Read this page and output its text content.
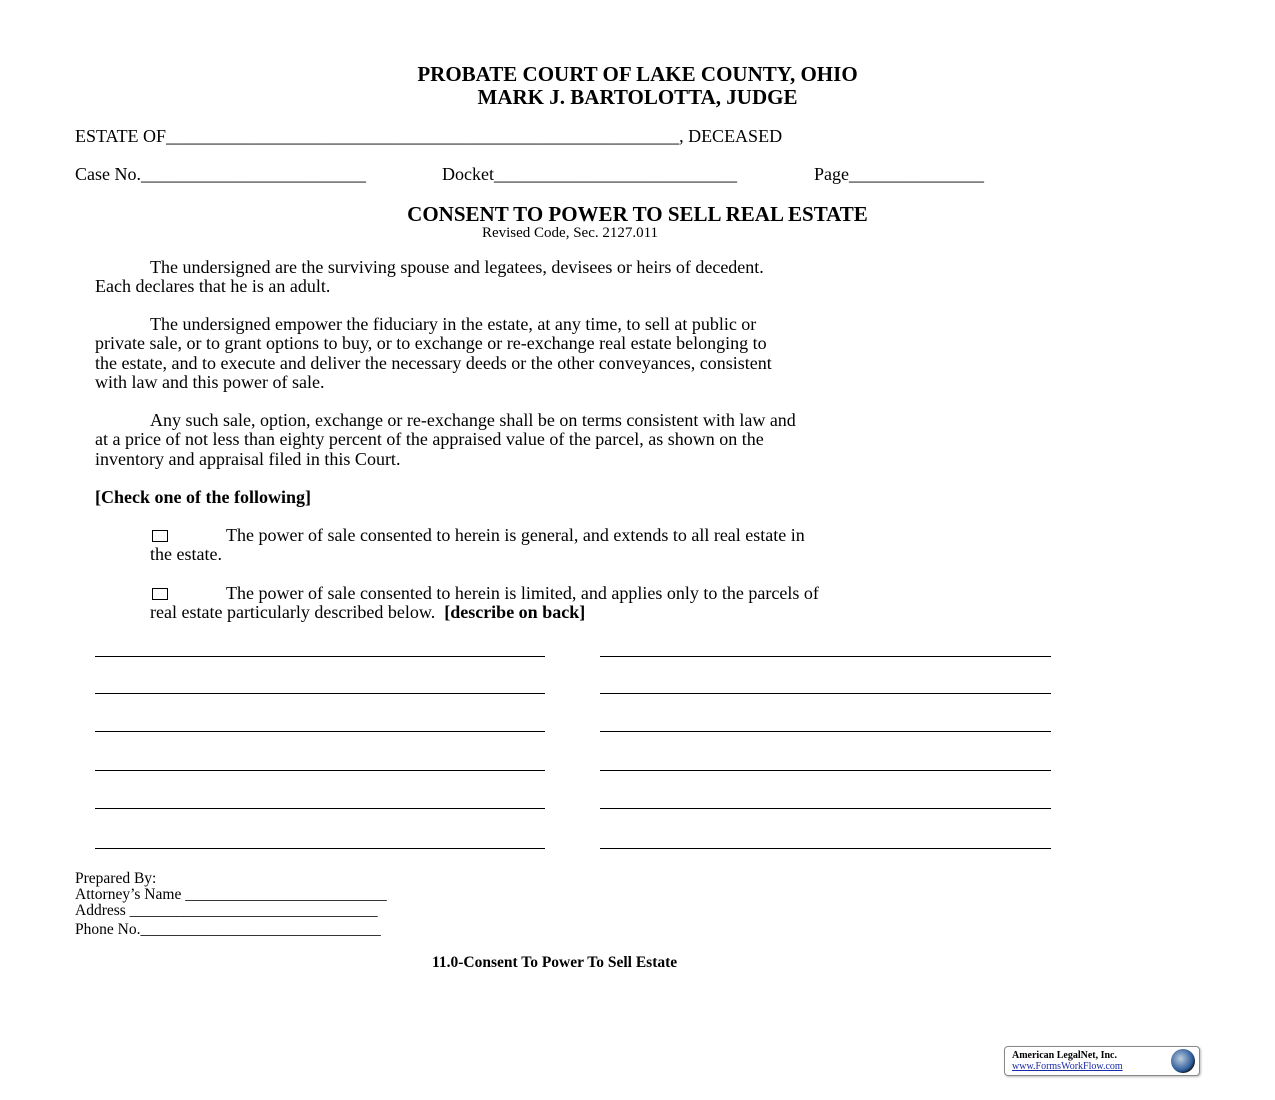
PROBATE COURT OF LAKE COUNTY, OHIO
MARK J. BARTOLOTTA, JUDGE
ESTATE OF_________________________________________________________, DECEASED
Case No._________________________	Docket___________________________	Page_______________
CONSENT TO POWER TO SELL REAL ESTATE
Revised Code, Sec. 2127.011
The undersigned are the surviving spouse and legatees, devisees or heirs of decedent.
Each declares that he is an adult.
The undersigned empower the fiduciary in the estate, at any time, to sell at public or
private sale, or to grant options to buy, or to exchange or re-exchange real estate belonging to
the estate, and to execute and deliver the necessary deeds or the other conveyances, consistent
with law and this power of sale.
Any such sale, option, exchange or re-exchange shall be on terms consistent with law and
at a price of not less than eighty percent of the appraised value of the parcel, as shown on the
inventory and appraisal filed in this Court.
[Check one of the following]
The power of sale consented to herein is general, and extends to all real estate in
the estate.
The power of sale consented to herein is limited, and applies only to the parcels of
real estate particularly described below.  [describe on back]
Prepared By:
Attorney’s Name __________________________
Address ________________________________
Phone No._______________________________
11.0-Consent To Power To Sell Estate
American LegalNet, Inc.
www.FormsWorkFlow.com
